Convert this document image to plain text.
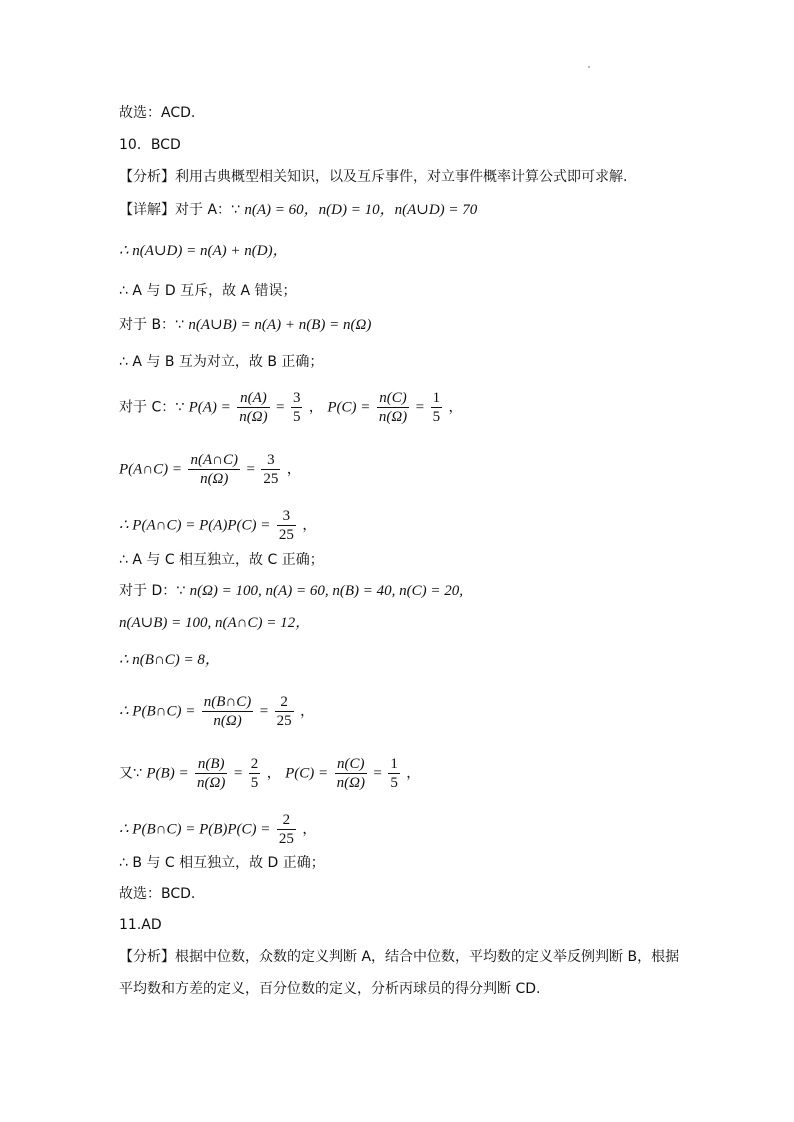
故选：ACD.
10．BCD
【分析】利用古典概型相关知识，以及互斥事件，对立事件概率计算公式即可求解.
【详解】对于 A：∵ n(A) = 60，n(D) = 10，n(A∪D) = 70
∴ n(A∪D) = n(A) + n(D)，
∴ A 与 D 互斥，故 A 错误；
对于 B：∵ n(A∪B) = n(A) + n(B) = n(Ω)
∴ A 与 B 互为对立，故 B 正确；
对于 C：∵ $P(A) = \frac{n(A)}{n(\Omega)} = \frac{3}{5}$ ， $P(C) = \frac{n(C)}{n(\Omega)} = \frac{1}{5}$ ，
P(A∩C) = $\frac{n(A\cap C)}{n(\Omega)} = \frac{3}{25}$ ，
∴ P(A∩C) = $P(A)P(C) = \frac{3}{25}$ ，
∴ A 与 C 相互独立，故 C 正确；
对于 D：∵ n(Ω) = 100, n(A) = 60, n(B) = 40, n(C) = 20,
n(A∪B) = 100, n(A∩C) = 12，
∴ n(B∩C) = 8，
∴ P(B∩C) = $\frac{n(B\cap C)}{n(\Omega)} = \frac{2}{25}$ ，
又∵ $P(B) = \frac{n(B)}{n(\Omega)} = \frac{2}{5}$ ， $P(C) = \frac{n(C)}{n(\Omega)} = \frac{1}{5}$ ，
∴ P(B∩C) = $P(B)P(C) = \frac{2}{25}$ ，
∴ B 与 C 相互独立，故 D 正确；
故选：BCD.
11.AD
【分析】根据中位数，众数的定义判断 A，结合中位数，平均数的定义举反例判断 B，根据
平均数和方差的定义，百分位数的定义，分析丙球员的得分判断 CD.
